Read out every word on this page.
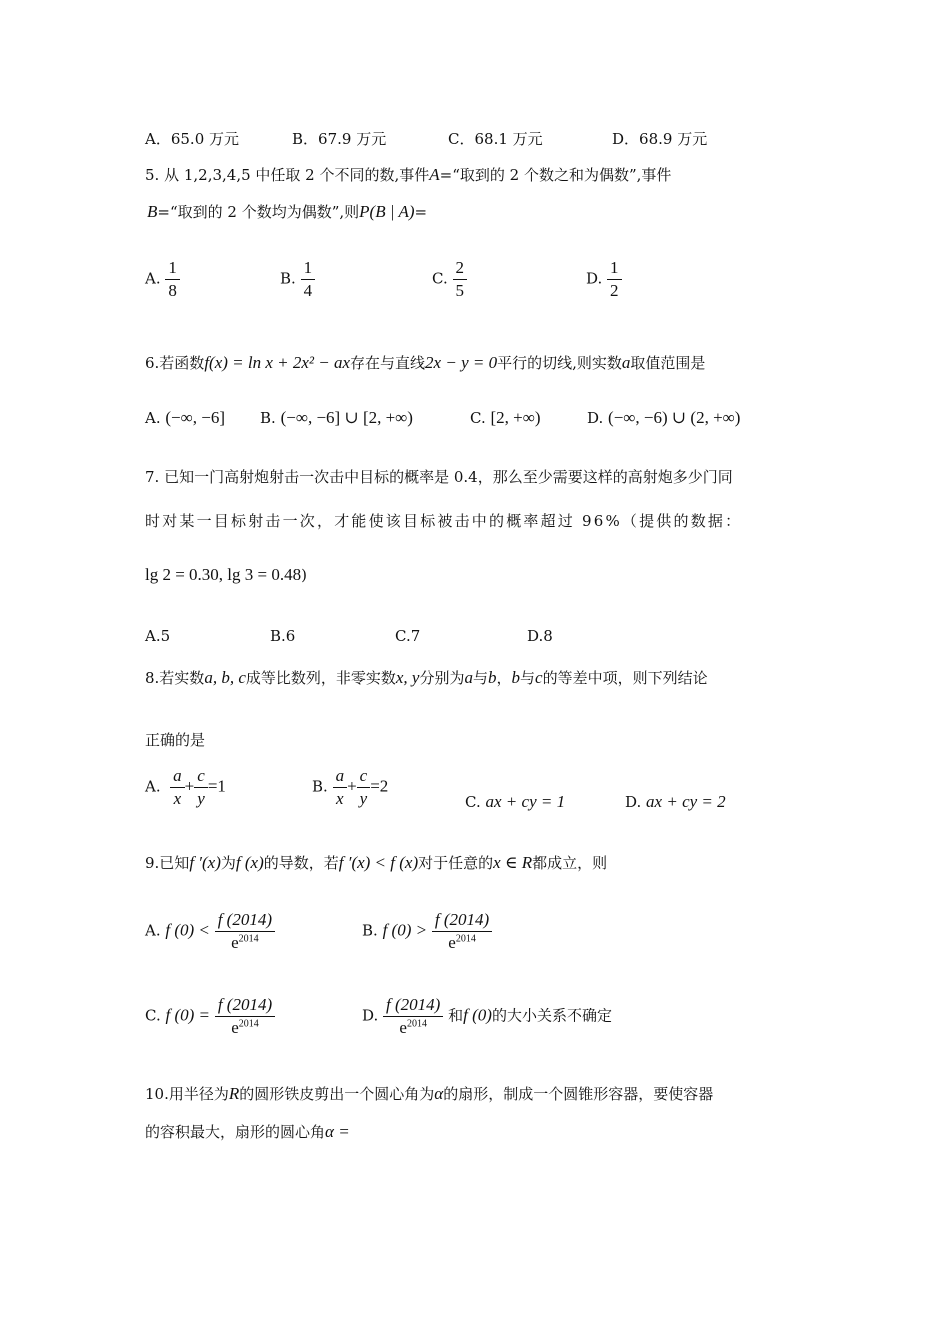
A．65.0 万元	B．67.9 万元	C．68.1 万元	D．68.9 万元
5. 从 1,2,3,4,5 中任取 2 个不同的数,事件A=“取到的 2 个数之和为偶数”,事件
B=“取到的 2 个数均为偶数”,则P(B | A)=
A. $\frac{1}{8}$	B. $\frac{1}{4}$	C. $\frac{2}{5}$	D. $\frac{1}{2}$
6.若函数f(x) = ln x + 2x² − ax存在与直线2x − y = 0平行的切线,则实数a取值范围是
A. (−∞, −6] B. (−∞, −6] ∪ [2, +∞)	C. [2, +∞)	D. (−∞, −6) ∪ (2, +∞)
7. 已知一门高射炮射击一次击中目标的概率是 0.4，那么至少需要这样的高射炮多少门同
时对某一目标射击一次，才能使该目标被击中的概率超过 96%（提供的数据：
lg 2 = 0.30, lg 3 = 0.48)
A.5	B.6	C.7	D.8
8.若实数a, b, c成等比数列，非零实数x, y分别为a与b，b与c的等差中项，则下列结论
正确的是
A. $\frac{a}{x} + \frac{c}{y} =1$	B. $\frac{a}{x} + \frac{c}{y} =2$
C. ax + cy = 1	D. ax + cy = 2
9.已知f ′(x)为f (x)的导数，若f ′(x) < f (x)对于任意的x ∈ R都成立，则
A. f $(0) < \frac{f (2014)}{e^{2014}}$	B. f $(0) > \frac{f (2014)}{e^{2014}}$
C. f $(0) = \frac{f (2014)}{e^{2014}}$	D. $\frac{f (2014)}{e^{2014}}$ 和f (0)的大小关系不确定
10.用半径为R的圆形铁皮剪出一个圆心角为α的扇形，制成一个圆锥形容器，要使容器
的容积最大，扇形的圆心角α =
